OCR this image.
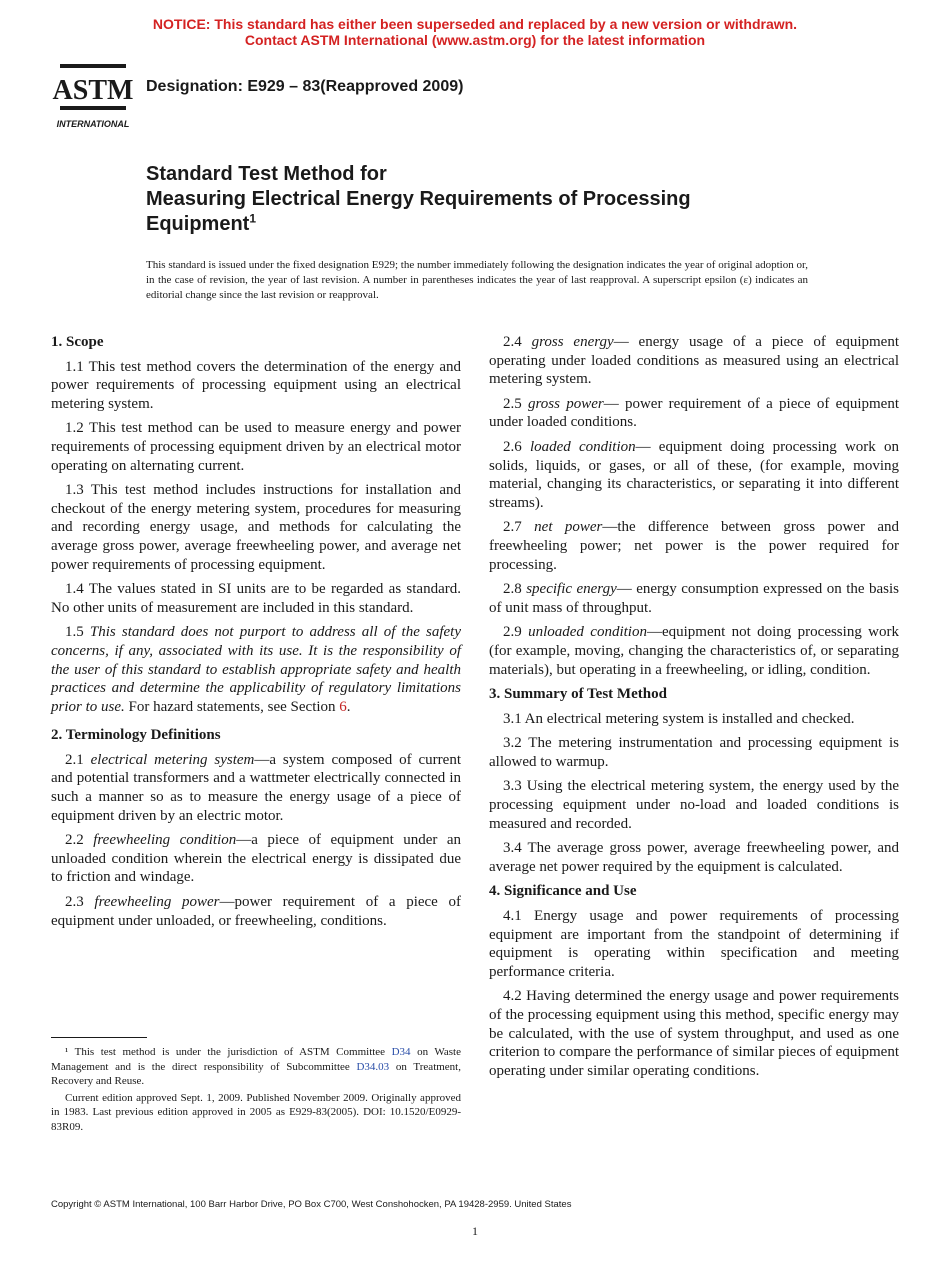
NOTICE: This standard has either been superseded and replaced by a new version or withdrawn.
Contact ASTM International (www.astm.org) for the latest information
ASTM
INTERNATIONAL
Designation: E929 – 83(Reapproved 2009)
Standard Test Method for
Measuring Electrical Energy Requirements of Processing
Equipment$^1$
This standard is issued under the fixed designation E929; the number immediately following the designation indicates the year of original adoption or, in the case of revision, the year of last revision. A number in parentheses indicates the year of last reapproval. A superscript epsilon (ε) indicates an editorial change since the last revision or reapproval.
1. Scope

1.1 This test method covers the determination of the energy and power requirements of processing equipment using an electrical metering system.

1.2 This test method can be used to measure energy and power requirements of processing equipment driven by an electrical motor operating on alternating current.

1.3 This test method includes instructions for installation and checkout of the energy metering system, procedures for measuring and recording energy usage, and methods for calculating the average gross power, average freewheeling power, and average net power requirements of processing equipment.

1.4 The values stated in SI units are to be regarded as standard. No other units of measurement are included in this standard.

1.5 This standard does not purport to address all of the safety concerns, if any, associated with its use. It is the responsibility of the user of this standard to establish appropriate safety and health practices and determine the applicability of regulatory limitations prior to use. For hazard statements, see Section 6.

2. Terminology Definitions

2.1 electrical metering system—a system composed of current and potential transformers and a wattmeter electrically connected in such a manner so as to measure the energy usage of a piece of equipment driven by an electric motor.

2.2 freewheeling condition—a piece of equipment under an unloaded condition wherein the electrical energy is dissipated due to friction and windage.

2.3 freewheeling power—power requirement of a piece of equipment under unloaded, or freewheeling, conditions.

2.4 gross energy— energy usage of a piece of equipment operating under loaded conditions as measured using an electrical metering system.

2.5 gross power— power requirement of a piece of equipment under loaded conditions.

2.6 loaded condition— equipment doing processing work on solids, liquids, or gases, or all of these, (for example, moving material, changing its characteristics, or separating it into different streams).

2.7 net power—the difference between gross power and freewheeling power; net power is the power required for processing.

2.8 specific energy— energy consumption expressed on the basis of unit mass of throughput.

2.9 unloaded condition—equipment not doing processing work (for example, moving, changing the characteristics of, or separating materials), but operating in a freewheeling, or idling, condition.

3. Summary of Test Method

3.1 An electrical metering system is installed and checked.

3.2 The metering instrumentation and processing equipment is allowed to warmup.

3.3 Using the electrical metering system, the energy used by the processing equipment under no-load and loaded conditions is measured and recorded.

3.4 The average gross power, average freewheeling power, and average net power required by the equipment is calculated.

4. Significance and Use

4.1 Energy usage and power requirements of processing equipment are important from the standpoint of determining if equipment is operating within specification and meeting performance criteria.

4.2 Having determined the energy usage and power requirements of the processing equipment using this method, specific energy may be calculated, with the use of system throughput, and used as one criterion to compare the performance of similar pieces of equipment operating under similar operating conditions.

¹ This test method is under the jurisdiction of ASTM Committee D34 on Waste Management and is the direct responsibility of Subcommittee D34.03 on Treatment, Recovery and Reuse.

Current edition approved Sept. 1, 2009. Published November 2009. Originally approved in 1983. Last previous edition approved in 2005 as E929-83(2005). DOI: 10.1520/E0929-83R09.

Copyright © ASTM International, 100 Barr Harbor Drive, PO Box C700, West Conshohocken, PA 19428-2959. United States
1
